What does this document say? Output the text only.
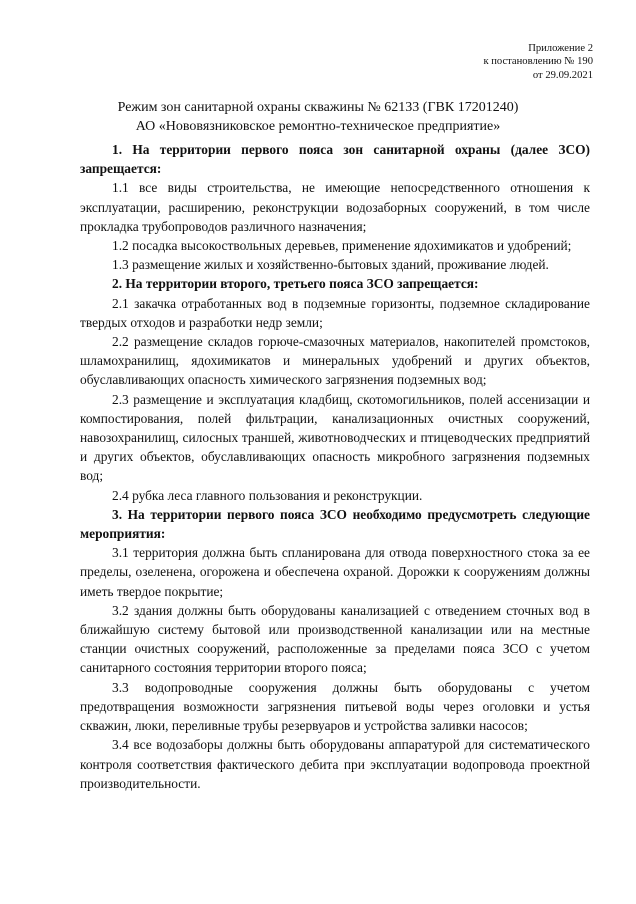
Приложение 2
к постановлению № 190
от 29.09.2021
Режим зон санитарной охраны скважины № 62133 (ГВК 17201240)
АО «Нововязниковское ремонтно-техническое предприятие»

1. На территории первого пояса зон санитарной охраны (далее ЗСО) запрещается:

1.1 все виды строительства, не имеющие непосредственного отношения к эксплуатации, расширению, реконструкции водозаборных сооружений, в том числе прокладка трубопроводов различного назначения;

1.2 посадка высокоствольных деревьев, применение ядохимикатов и удобрений;

1.3 размещение жилых и хозяйственно-бытовых зданий, проживание людей.

2. На территории второго, третьего пояса ЗСО запрещается:

2.1 закачка отработанных вод в подземные горизонты, подземное складирование твердых отходов и разработки недр земли;

2.2 размещение складов горюче-смазочных материалов, накопителей промстоков, шламохранилищ, ядохимикатов и минеральных удобрений и других объектов, обуславливающих опасность химического загрязнения подземных вод;

2.3 размещение и эксплуатация кладбищ, скотомогильников, полей ассенизации и компостирования, полей фильтрации, канализационных очистных сооружений, навозохранилищ, силосных траншей, животноводческих и птицеводческих предприятий и других объектов, обуславливающих опасность микробного загрязнения подземных вод;

2.4 рубка леса главного пользования и реконструкции.

3. На территории первого пояса ЗСО необходимо предусмотреть следующие мероприятия:

3.1 территория должна быть спланирована для отвода поверхностного стока за ее пределы, озеленена, огорожена и обеспечена охраной. Дорожки к сооружениям должны иметь твердое покрытие;

3.2 здания должны быть оборудованы канализацией с отведением сточных вод в ближайшую систему бытовой или производственной канализации или на местные станции очистных сооружений, расположенные за пределами пояса ЗСО с учетом санитарного состояния территории второго пояса;

3.3 водопроводные сооружения должны быть оборудованы с учетом предотвращения возможности загрязнения питьевой воды через оголовки и устья скважин, люки, переливные трубы резервуаров и устройства заливки насосов;

3.4 все водозаборы должны быть оборудованы аппаратурой для систематического контроля соответствия фактического дебита при эксплуатации водопровода проектной производительности.
